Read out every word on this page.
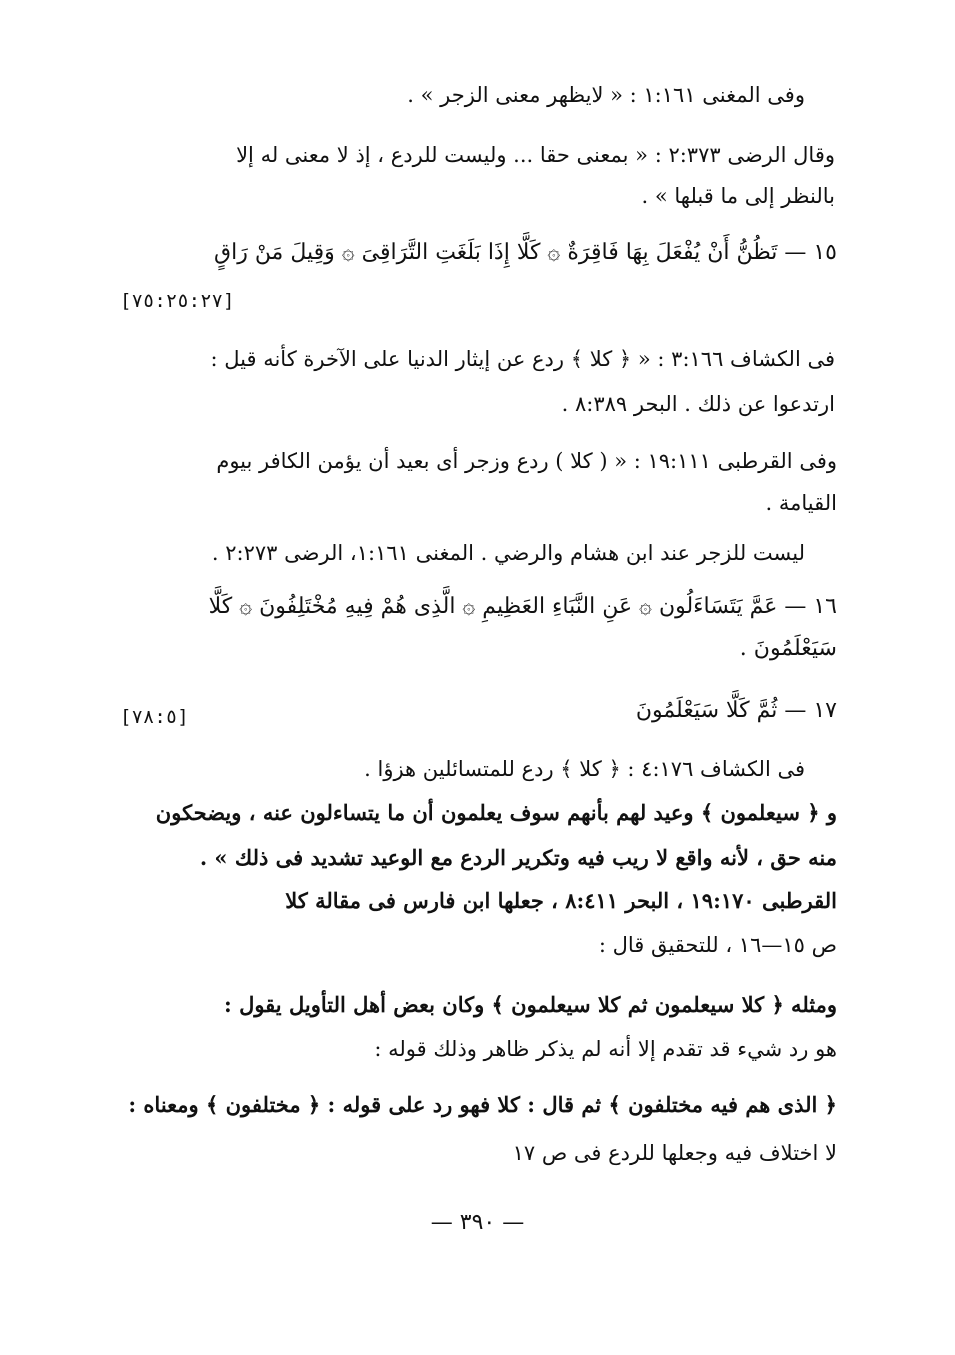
وفى المغنى ١:١٦١ : « لايظهر معنى الزجر » .
وقال الرضى ٢:٣٧٣ : « بمعنى حقا ... وليست للردع ، إذ لا معنى له إلا
بالنظر إلى ما قبلها » .
١٥ — تَظُنُّ أَنْ يُفْعَلَ بِهَا فَاقِرَةٌ ۞ كَلَّا إِذَا بَلَغَتِ التَّرَاقِىَ ۞ وَقِيلَ مَنْ رَاقٍ
[٧٥:٢٥:٢٧]
فى الكشاف ٣:١٦٦ : « ﴿ كلا ﴾ ردع عن إيثار الدنيا على الآخرة كأنه قيل :
ارتدعوا عن ذلك . البحر ٨:٣٨٩ .
وفى القرطبى ١٩:١١١ : « ( كلا ) ردع وزجر أى بعيد أن يؤمن الكافر بيوم
القيامة .
ليست للزجر عند ابن هشام والرضي . المغنى ١:١٦١، الرضى ٢:٢٧٣ .
١٦ — عَمَّ يَتَسَاءَلُون ۞ عَنِ النَّبَاءِ العَظِيمِ ۞ الَّذِى هُمْ فِيهِ مُخْتَلِفُونَ ۞ كَلَّا
سَيَعْلَمُونَ .
١٧ — ثُمَّ كَلَّا سَيَعْلَمُونَ
[٧٨:٥]
فى الكشاف ٤:١٧٦ : ﴿ كلا ﴾ ردع للمتسائلين هزؤا .
و ﴿ سيعلمون ﴾ وعيد لهم بأنهم سوف يعلمون أن ما يتساءلون عنه ، ويضحكون
منه حق ، لأنه واقع لا ريب فيه وتكرير الردع مع الوعيد تشديد فى ذلك » .
القرطبى ١٩:١٧٠ ، البحر ٨:٤١١ ، جعلها ابن فارس فى مقالة كلا
ص ١٥—١٦ ، للتحقيق قال :
ومثله ﴿ كلا سيعلمون ثم كلا سيعلمون ﴾ وكان بعض أهل التأويل يقول :
هو رد شيء قد تقدم إلا أنه لم يذكر ظاهر وذلك قوله :
﴿ الذى هم فيه مختلفون ﴾ ثم قال : كلا فهو رد على قوله : ﴿ مختلفون ﴾ ومعناه :
لا اختلاف فيه وجعلها للردع فى ص ١٧
— ٣٩٠ —
